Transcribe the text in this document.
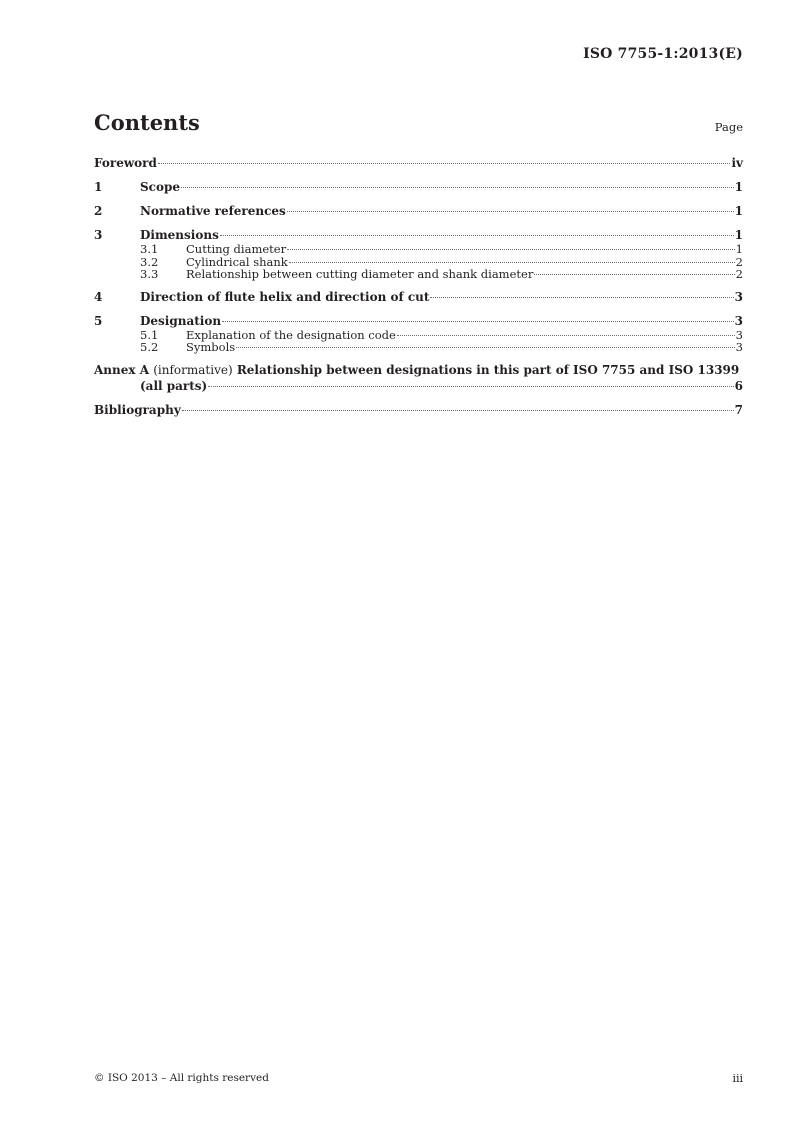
ISO 7755-1:2013(E)
Contents	Page
Foreword	iv
1	Scope	1
2	Normative references	1
3	Dimensions	1
3.1	Cutting diameter	1
3.2	Cylindrical shank	2
3.3	Relationship between cutting diameter and shank diameter	2
4	Direction of flute helix and direction of cut	3
5	Designation	3
5.1	Explanation of the designation code	3
5.2	Symbols	3
Annex A (informative) Relationship between designations in this part of ISO 7755 and ISO 13399
(all parts)	6
Bibliography	7
© ISO 2013 – All rights reserved	iii
